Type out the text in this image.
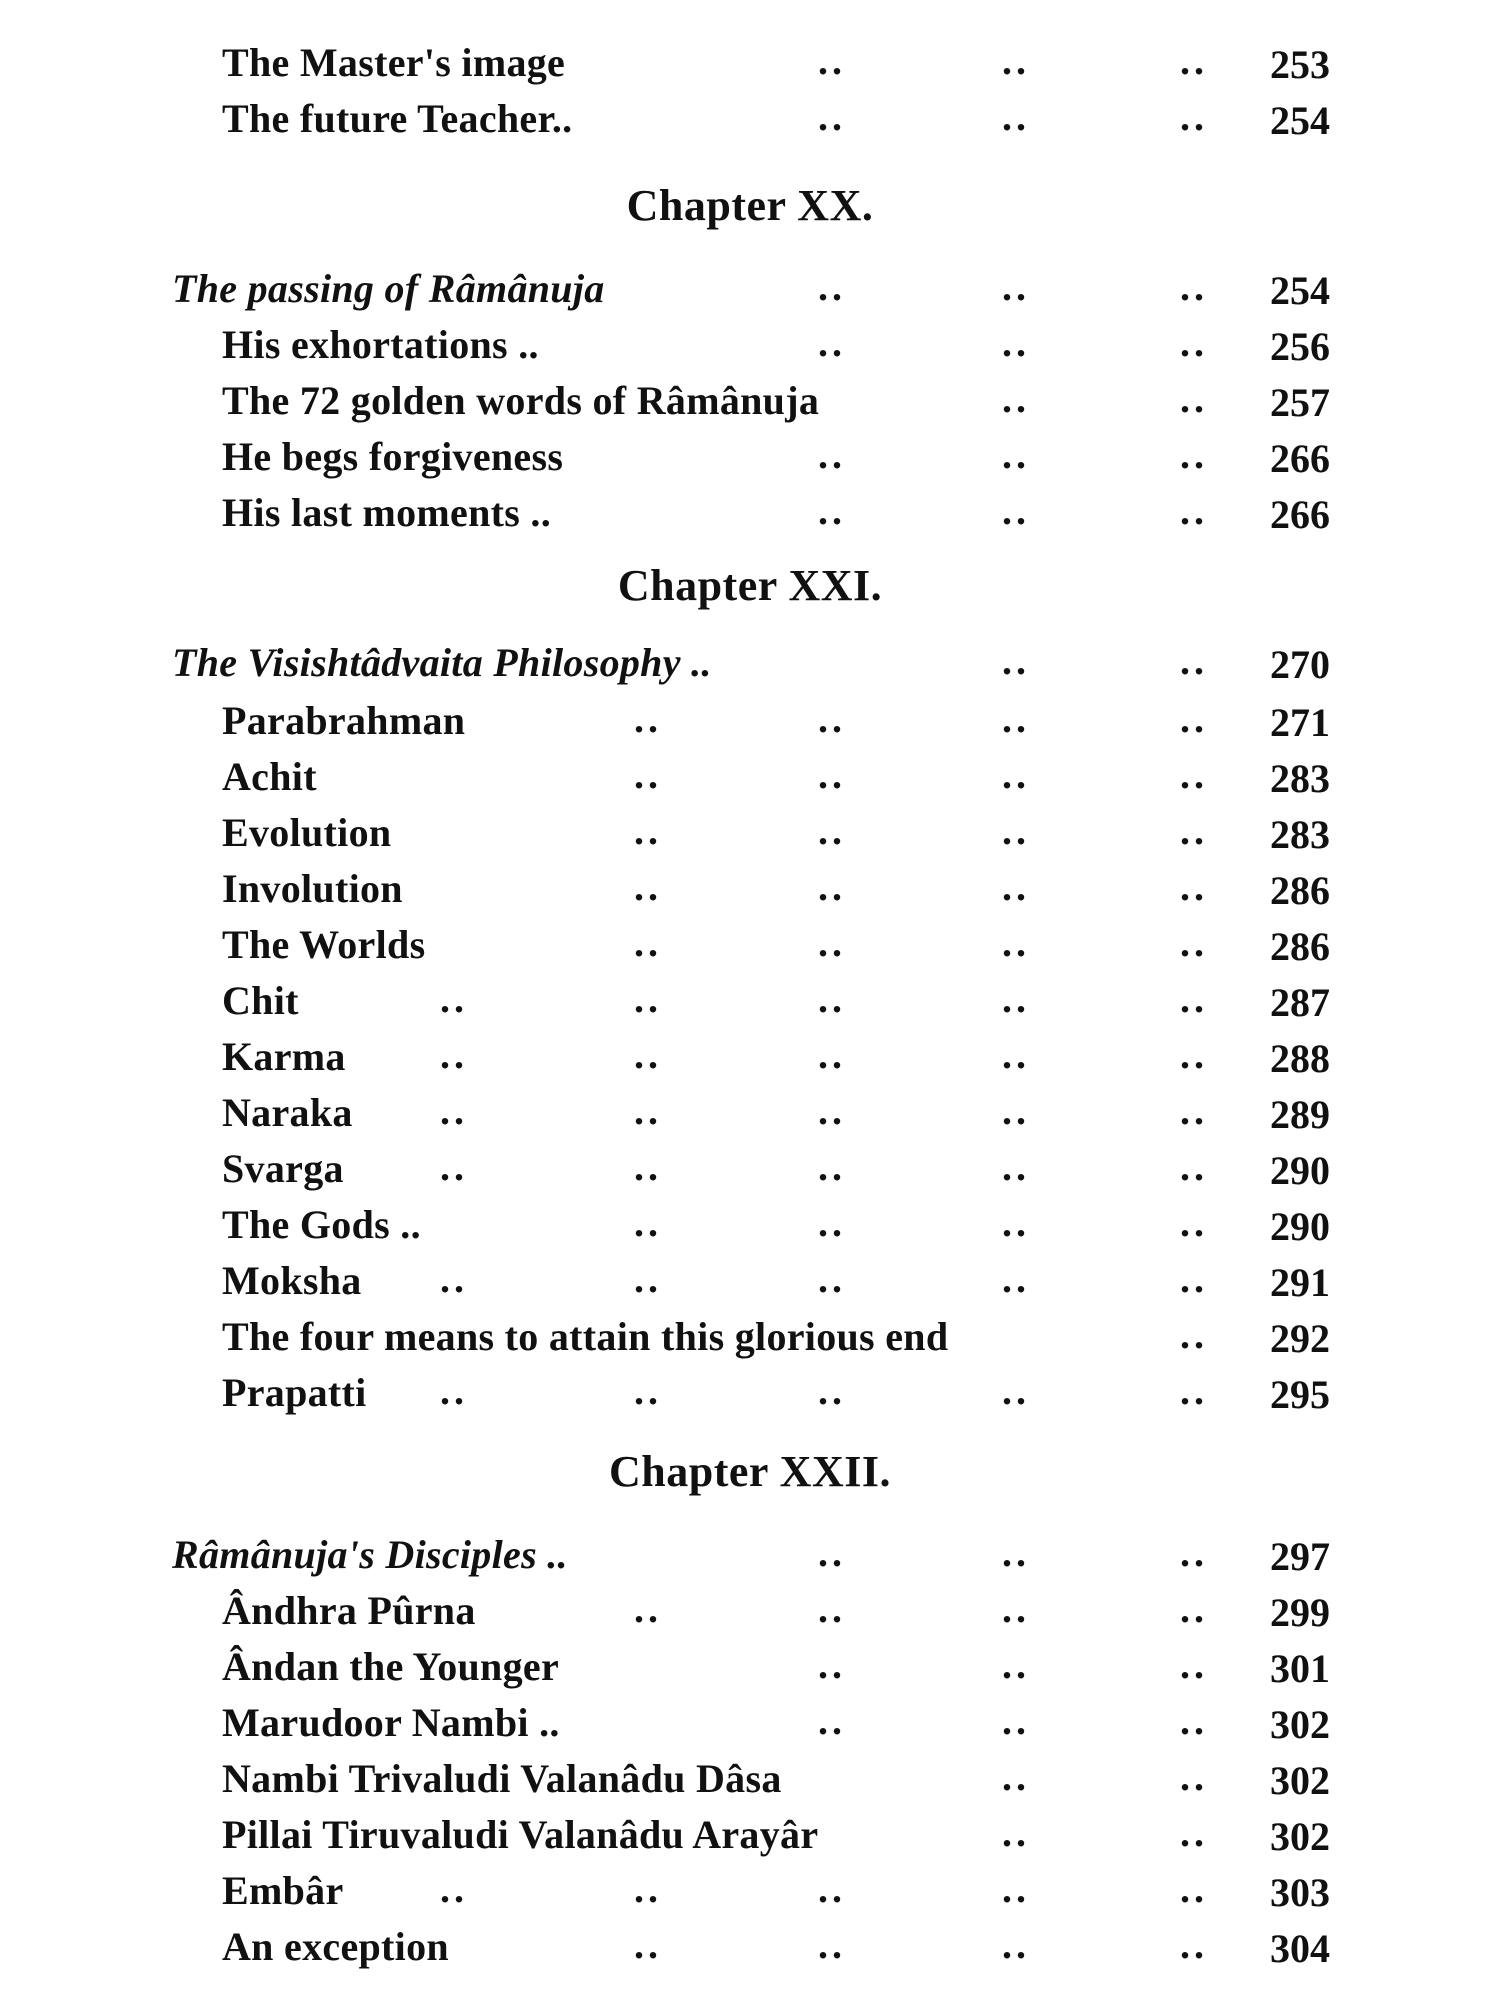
The Master's image	..	..	.. 253
The future Teacher..	..	..	.. 254
Chapter XX.
The passing of Râmânuja	..	..	.. 254
His exhortations ..	..	..	.. 256
The 72 golden words of Râmânuja	..	.. 257
He begs forgiveness	..	..	.. 266
His last moments ..	..	..	.. 266
Chapter XXI.
The Visishtâdvaita Philosophy ..	..	.. 270
Parabrahman	..	..	..	.. 271
Achit	..	..	..	.. 283
Evolution	..	..	..	.. 283
Involution	..	..	..	.. 286
The Worlds	..	..	..	.. 286
Chit	..	..	..	..	.. 287
Karma ..	..	..	..	.. 288
Naraka ..	..	..	..	.. 289
Svarga ..	..	..	..	.. 290
The Gods ..	..	..	..	.. 290
Moksha ..	..	..	..	.. 291
The four means to attain this glorious end	.. 292
Prapatti ..	..	..	..	.. 295
Chapter XXII.
Râmânuja's Disciples ..	..	..	.. 297
Ândhra Pûrna	..	..	..	.. 299
Ândan the Younger	..	..	.. 301
Marudoor Nambi ..	..	..	.. 302
Nambi Trivaludi Valanâdu Dâsa	..	.. 302
Pillai Tiruvaludi Valanâdu Arayâr	..	.. 302
Embâr ..	..	..	..	.. 303
An exception	..	..	..	.. 304
